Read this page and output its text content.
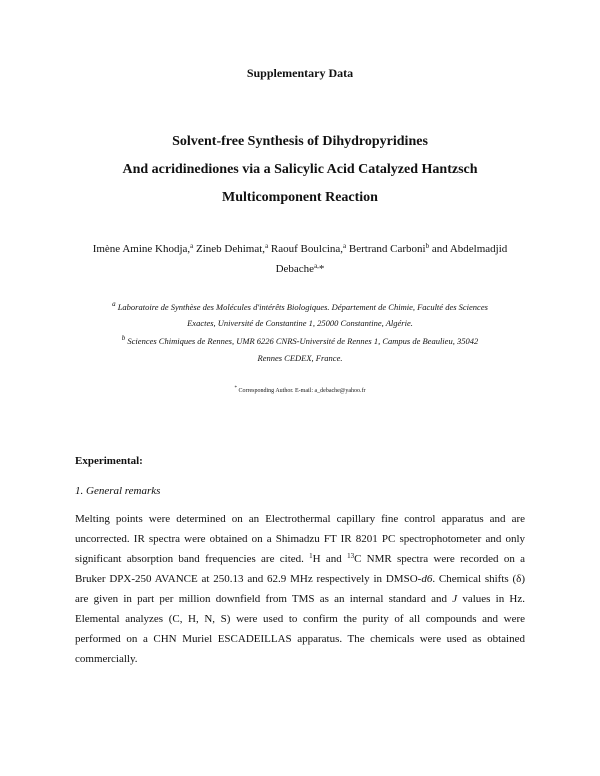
Supplementary Data
Solvent-free Synthesis of Dihydropyridines
And acridinediones via a Salicylic Acid Catalyzed Hantzsch
Multicomponent Reaction
Imène Amine Khodja,$^a$ Zineb Dehimat,$^a$ Raouf Boulcina,$^a$ Bertrand Carboni$^b$ and Abdelmadjid
Debache$^{a,}$*
$^a$ Laboratoire de Synthèse des Molécules d'intérêts Biologiques. Département de Chimie, Faculté des Sciences
Exactes, Université de Constantine 1, 25000 Constantine, Algérie.
$^b$ Sciences Chimiques de Rennes, UMR 6226 CNRS-Université de Rennes 1, Campus de Beaulieu, 35042
Rennes CEDEX, France.
* Corresponding Author. E-mail: a_debache@yahoo.fr
Experimental:
1. General remarks
Melting points were determined on an Electrothermal capillary fine control apparatus and are
uncorrected. IR spectra were obtained on a Shimadzu FT IR 8201 PC spectrophotometer and only
significant absorption band frequencies are cited. $^1$H and $^{13}$C NMR spectra were recorded on a
Bruker DPX-250 AVANCE at 250.13 and 62.9 MHz respectively in DMSO-d6. Chemical shifts (δ)
are given in part per million downfield from TMS as an internal standard and J values in Hz.
Elemental analyzes (C, H, N, S) were used to confirm the purity of all compounds and were
performed on a CHN Muriel ESCADEILLAS apparatus. The chemicals were used as obtained
commercially.
